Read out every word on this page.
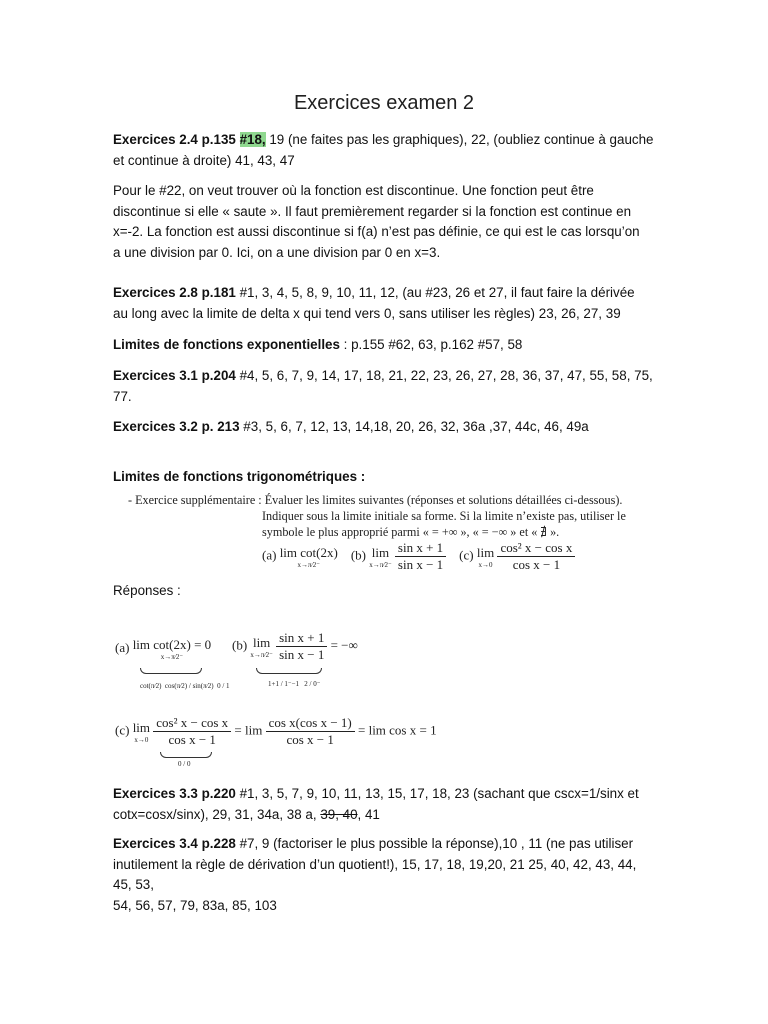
Exercices examen 2
Exercices 2.4 p.135 #18, 19 (ne faites pas les graphiques), 22, (oubliez continue à gauche
et continue à droite) 41, 43, 47
Pour le #22, on veut trouver où la fonction est discontinue. Une fonction peut être
discontinue si elle « saute ». Il faut premièrement regarder si la fonction est continue en
x=-2. La fonction est aussi discontinue si f(a) n’est pas définie, ce qui est le cas lorsqu’on
a une division par 0. Ici, on a une division par 0 en x=3.
Exercices 2.8 p.181 #1, 3, 4, 5, 8, 9, 10, 11, 12, (au #23, 26 et 27, il faut faire la dérivée
au long avec la limite de delta x qui tend vers 0, sans utiliser les règles) 23, 26, 27, 39
Limites de fonctions exponentielles : p.155 #62, 63, p.162 #57, 58
Exercices 3.1 p.204 #4, 5, 6, 7, 9, 14, 17, 18, 21, 22, 23, 26, 27, 28, 36, 37, 47, 55, 58, 75,
77.
Exercices 3.2 p. 213 #3, 5, 6, 7, 12, 13, 14,18, 20, 26, 32, 36a ,37, 44c, 46, 49a
Limites de fonctions trigonométriques :
- Exercice supplémentaire : Évaluer les limites suivantes (réponses et solutions détaillées ci-dessous).
Indiquer sous la limite initiale sa forme. Si la limite n’existe pas, utiliser le
symbole le plus approprié parmi « = +∞ », « = −∞ » et « ∄ ».
(a) lim cot(2x)
x→π⁄2⁻
(b) lim
x→π⁄2⁻
$\frac{\text{sin x + 1}}{\text{sin x − 1}} (c)$ lim
x→0
$\frac{\text{cos² x − cos x}}{\text{cos x − 1}}$
Réponses :
(a) lim cot(2x) = 0
x→π⁄2⁻
cot(π⁄2) cos(π⁄2) / sin(π⁄2) 0 / 1
(b) lim
x→π⁄2⁻
$\frac{\text{sin x + 1}}{\text{sin x − 1}}$ = −∞
1+1 / 1⁻−1 2 / 0⁻
(c) lim
x→0
$\frac{\text{cos² x − cos x}}{\text{cos x − 1}} = \lim \frac{\text{cos x(cos x − 1)}}{\text{cos x − 1}} = \lim \cos x = 1$
0 / 0
Exercices 3.3 p.220 #1, 3, 5, 7, 9, 10, 11, 13, 15, 17, 18, 23 (sachant que cscx=1/sinx et
cotx=cosx/sinx), 29, 31, 34a, 38 a, 39, 40, 41
Exercices 3.4 p.228 #7, 9 (factoriser le plus possible la réponse),10 , 11 (ne pas utiliser
inutilement la règle de dérivation d’un quotient!), 15, 17, 18, 19,20, 21 25, 40, 42, 43, 44, 45, 53,
54, 56, 57, 79, 83a, 85, 103
